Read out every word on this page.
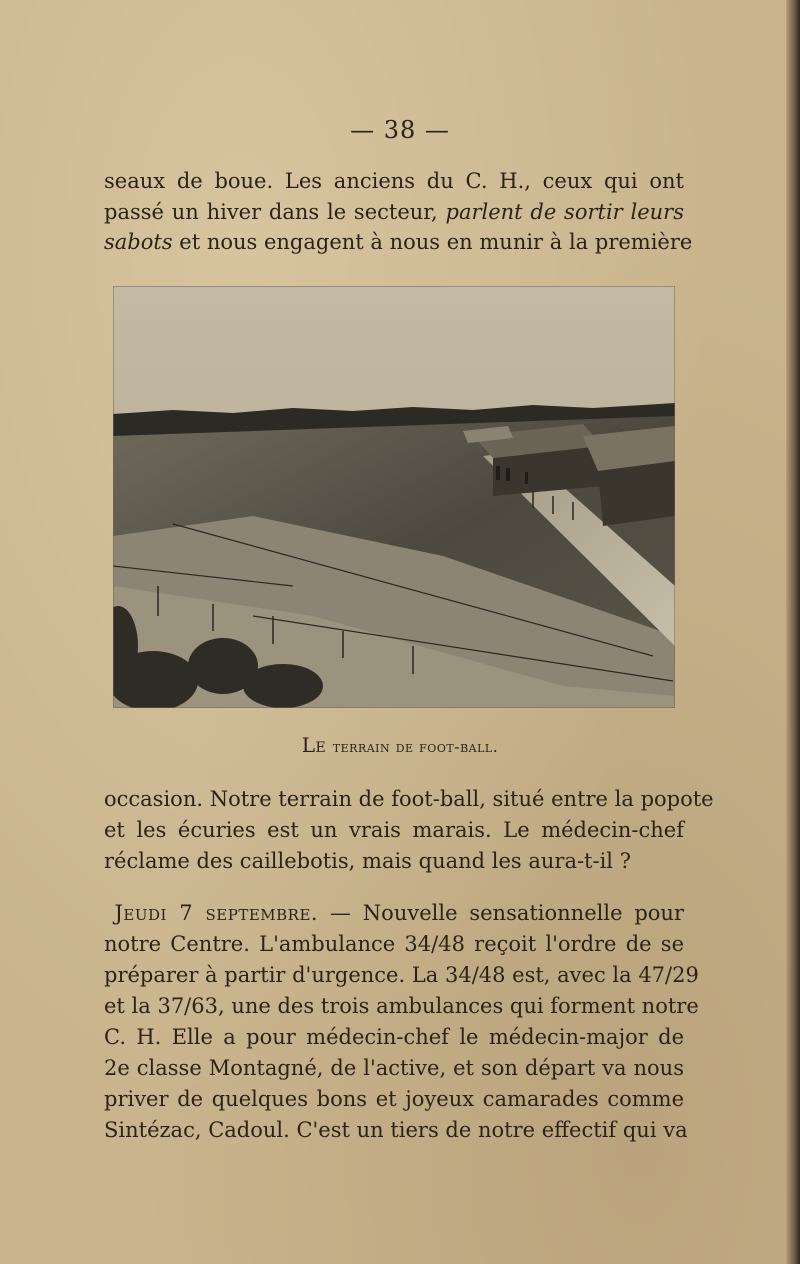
— 38 —

seaux de boue. Les anciens du C. H., ceux qui ont
passé un hiver dans le secteur, parlent de sortir leurs
sabots et nous engagent à nous en munir à la première

Le terrain de foot-ball.

occasion. Notre terrain de foot-ball, situé entre la popote
et les écuries est un vrais marais. Le médecin-chef
réclame des caillebotis, mais quand les aura-t-il ?

 Jeudi 7 septembre. — Nouvelle sensationnelle pour
notre Centre. L'ambulance 34/48 reçoit l'ordre de se
préparer à partir d'urgence. La 34/48 est, avec la 47/29
et la 37/63, une des trois ambulances qui forment notre
C. H. Elle a pour médecin-chef le médecin-major de
2e classe Montagné, de l'active, et son départ va nous
priver de quelques bons et joyeux camarades comme
Sintézac, Cadoul. C'est un tiers de notre effectif qui va
